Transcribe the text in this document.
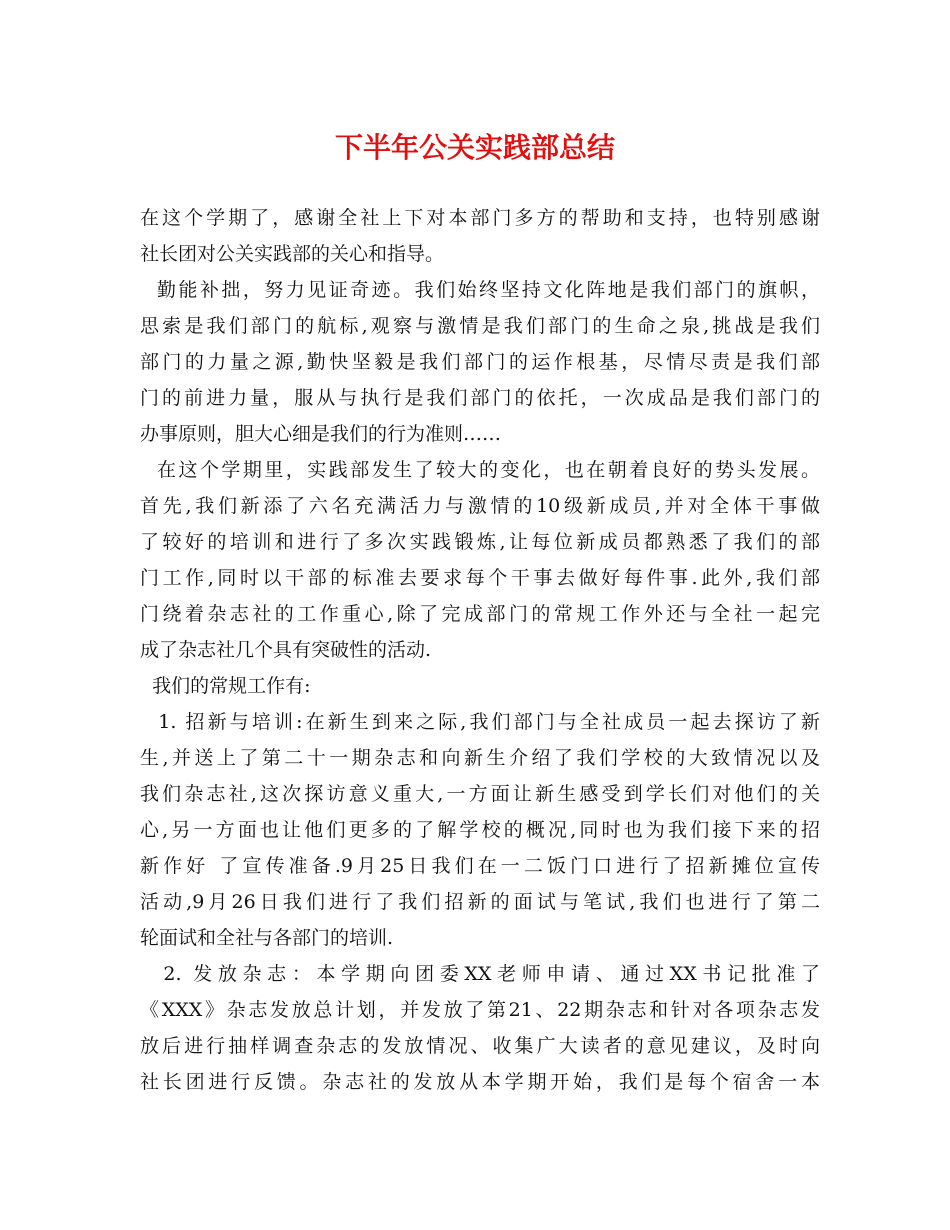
下半年公关实践部总结
在这个学期了，感谢全社上下对本部门多方的帮助和支持，也特别感谢
社长团对公关实践部的关心和指导。
勤能补拙，努力见证奇迹。我们始终坚持文化阵地是我们部门的旗帜，
思索是我们部门的航标,观察与激情是我们部门的生命之泉,挑战是我们
部门的力量之源,勤快坚毅是我们部门的运作根基，尽情尽责是我们部
门的前进力量，服从与执行是我们部门的依托，一次成品是我们部门的
办事原则，胆大心细是我们的行为准则……
在这个学期里，实践部发生了较大的变化，也在朝着良好的势头发展。
首先,我们新添了六名充满活力与激情的10级新成员,并对全体干事做
了较好的培训和进行了多次实践锻炼,让每位新成员都熟悉了我们的部
门工作,同时以干部的标准去要求每个干事去做好每件事.此外,我们部
门绕着杂志社的工作重心,除了完成部门的常规工作外还与全社一起完
成了杂志社几个具有突破性的活动.
我们的常规工作有:
1. 招新与培训:在新生到来之际,我们部门与全社成员一起去探访了新
生,并送上了第二十一期杂志和向新生介绍了我们学校的大致情况以及
我们杂志社,这次探访意义重大,一方面让新生感受到学长们对他们的关
心,另一方面也让他们更多的了解学校的概况,同时也为我们接下来的招
新作好 了宣传准备.9月25日我们在一二饭门口进行了招新摊位宣传
活动,9月26日我们进行了我们招新的面试与笔试,我们也进行了第二
轮面试和全社与各部门的培训.
2. 发放杂志：本学期向团委XX老师申请、通过XX书记批准了
《XXX》杂志发放总计划，并发放了第21、22期杂志和针对各项杂志发
放后进行抽样调查杂志的发放情况、收集广大读者的意见建议，及时向
社长团进行反馈。杂志社的发放从本学期开始，我们是每个宿舍一本
